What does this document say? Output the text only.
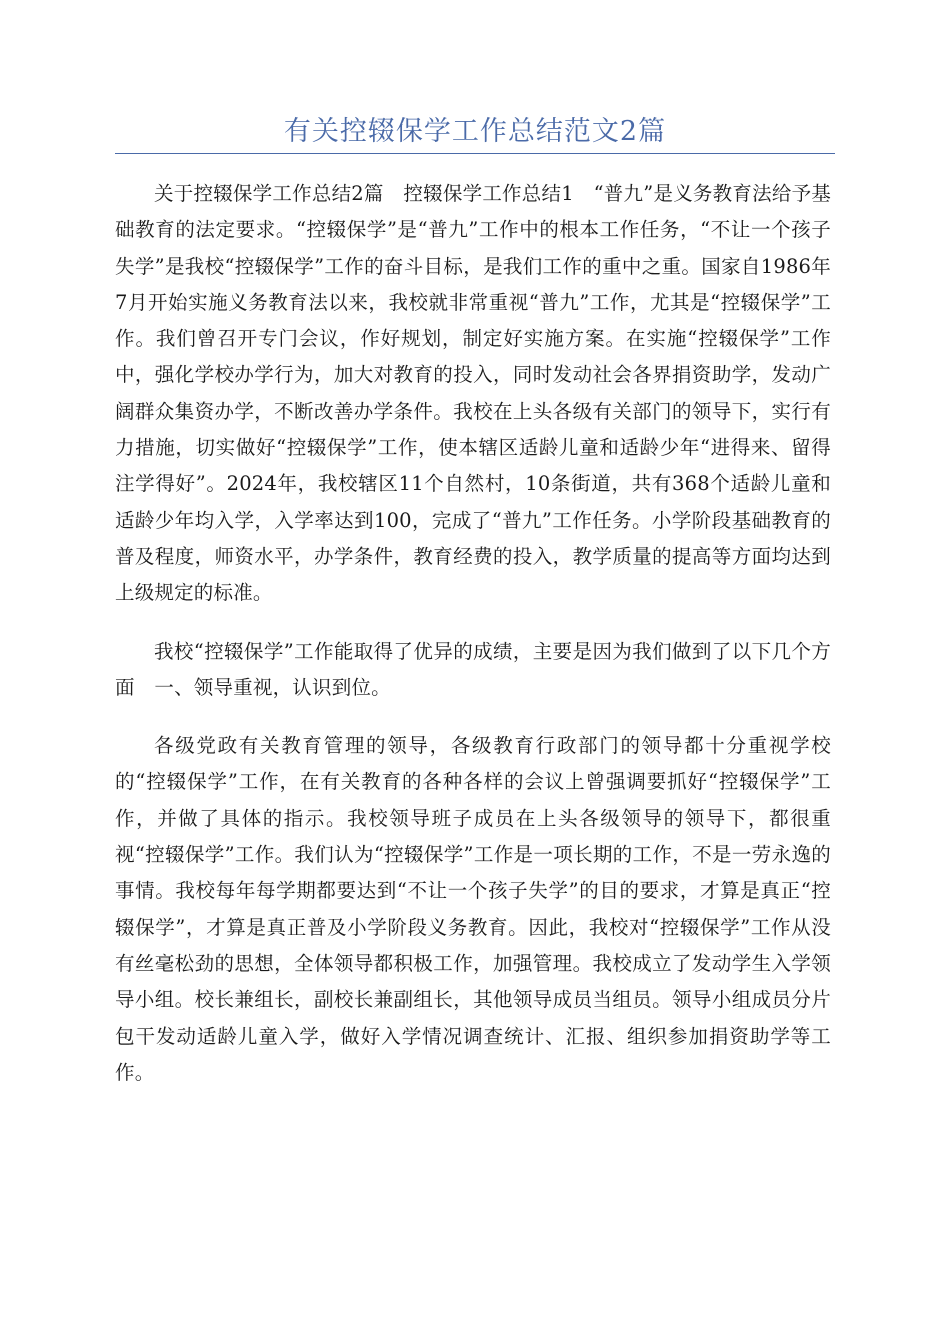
有关控辍保学工作总结范文2篇

关于控辍保学工作总结2篇　控辍保学工作总结1　“普九”是义务教育法给予基础教育的法定要求。“控辍保学”是“普九”工作中的根本工作任务，“不让一个孩子失学”是我校“控辍保学”工作的奋斗目标，是我们工作的重中之重。国家自1986年7月开始实施义务教育法以来，我校就非常重视“普九”工作，尤其是“控辍保学”工作。我们曾召开专门会议，作好规划，制定好实施方案。在实施“控辍保学”工作中，强化学校办学行为，加大对教育的投入，同时发动社会各界捐资助学，发动广阔群众集资办学，不断改善办学条件。我校在上头各级有关部门的领导下，实行有力措施，切实做好“控辍保学”工作，使本辖区适龄儿童和适龄少年“进得来、留得注学得好”。2024年，我校辖区11个自然村，10条街道，共有368个适龄儿童和适龄少年均入学，入学率达到100，完成了“普九”工作任务。小学阶段基础教育的普及程度，师资水平，办学条件，教育经费的投入，教学质量的提高等方面均达到上级规定的标准。

我校“控辍保学”工作能取得了优异的成绩，主要是因为我们做到了以下几个方面　一、领导重视，认识到位。

各级党政有关教育管理的领导，各级教育行政部门的领导都十分重视学校的“控辍保学”工作，在有关教育的各种各样的会议上曾强调要抓好“控辍保学”工作，并做了具体的指示。我校领导班子成员在上头各级领导的领导下，都很重视“控辍保学”工作。我们认为“控辍保学”工作是一项长期的工作，不是一劳永逸的事情。我校每年每学期都要达到“不让一个孩子失学”的目的要求，才算是真正“控辍保学”，才算是真正普及小学阶段义务教育。因此，我校对“控辍保学”工作从没有丝毫松劲的思想，全体领导都积极工作，加强管理。我校成立了发动学生入学领导小组。校长兼组长，副校长兼副组长，其他领导成员当组员。领导小组成员分片包干发动适龄儿童入学，做好入学情况调查统计、汇报、组织参加捐资助学等工作。
